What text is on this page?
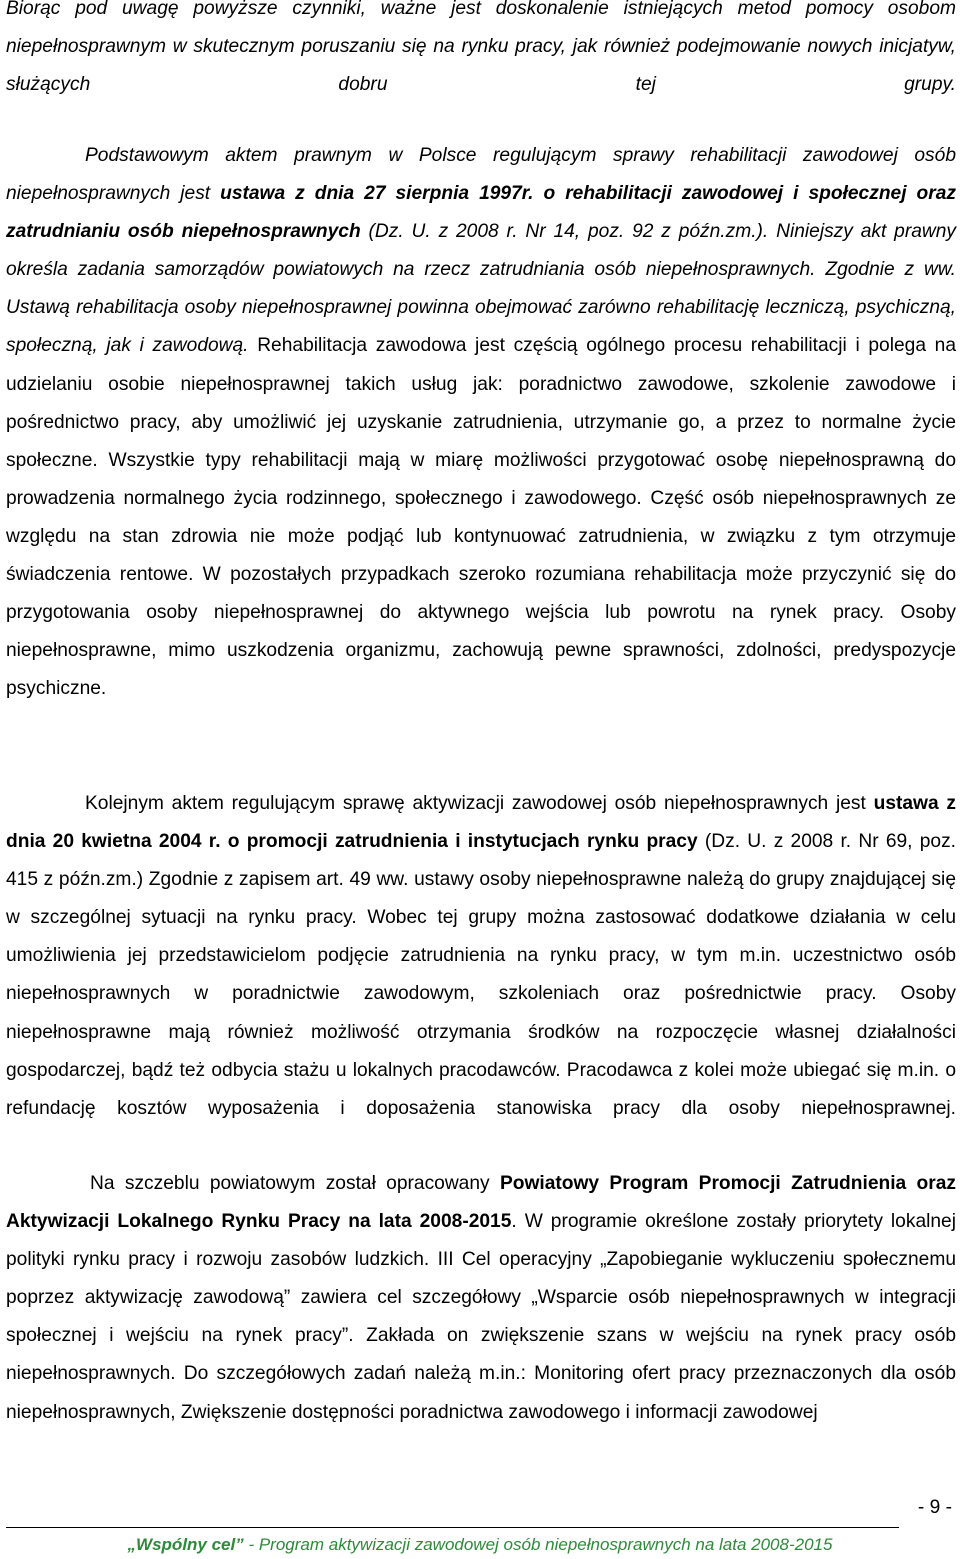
Biorąc pod uwagę powyższe czynniki, ważne jest doskonalenie istniejących metod pomocy osobom niepełnosprawnym w skutecznym poruszaniu się na rynku pracy, jak również podejmowanie nowych inicjatyw, służących dobru tej grupy.
Podstawowym aktem prawnym w Polsce regulującym sprawy rehabilitacji zawodowej osób niepełnosprawnych jest ustawa z dnia 27 sierpnia 1997r. o rehabilitacji zawodowej i społecznej oraz zatrudnianiu osób niepełnosprawnych (Dz. U. z 2008 r. Nr 14, poz. 92 z późn.zm.). Niniejszy akt prawny określa zadania samorządów powiatowych na rzecz zatrudniania osób niepełnosprawnych. Zgodnie z ww. Ustawą rehabilitacja osoby niepełnosprawnej powinna obejmować zarówno rehabilitację leczniczą, psychiczną, społeczną, jak i zawodową. Rehabilitacja zawodowa jest częścią ogólnego procesu rehabilitacji i polega na udzielaniu osobie niepełnosprawnej takich usług jak: poradnictwo zawodowe, szkolenie zawodowe i pośrednictwo pracy, aby umożliwić jej uzyskanie zatrudnienia, utrzymanie go, a przez to normalne życie społeczne. Wszystkie typy rehabilitacji mają w miarę możliwości przygotować osobę niepełnosprawną do prowadzenia normalnego życia rodzinnego, społecznego i zawodowego. Część osób niepełnosprawnych ze względu na stan zdrowia nie może podjąć lub kontynuować zatrudnienia, w związku z tym otrzymuje świadczenia rentowe. W pozostałych przypadkach szeroko rozumiana rehabilitacja może przyczynić się do przygotowania osoby niepełnosprawnej do aktywnego wejścia lub powrotu na rynek pracy. Osoby niepełnosprawne, mimo uszkodzenia organizmu, zachowują pewne sprawności, zdolności, predyspozycje psychiczne.
Kolejnym aktem regulującym sprawę aktywizacji zawodowej osób niepełnosprawnych jest ustawa z dnia 20 kwietna 2004 r. o promocji zatrudnienia i instytucjach rynku pracy (Dz. U. z 2008 r. Nr 69, poz. 415 z późn.zm.) Zgodnie z zapisem art. 49 ww. ustawy osoby niepełnosprawne należą do grupy znajdującej się w szczególnej sytuacji na rynku pracy. Wobec tej grupy można zastosować dodatkowe działania w celu umożliwienia jej przedstawicielom podjęcie zatrudnienia na rynku pracy, w tym m.in. uczestnictwo osób niepełnosprawnych w poradnictwie zawodowym, szkoleniach oraz pośrednictwie pracy. Osoby niepełnosprawne mają również możliwość otrzymania środków na rozpoczęcie własnej działalności gospodarczej, bądź też odbycia stażu u lokalnych pracodawców. Pracodawca z kolei może ubiegać się m.in. o refundację kosztów wyposażenia i doposażenia stanowiska pracy dla osoby niepełnosprawnej.
Na szczeblu powiatowym został opracowany Powiatowy Program Promocji Zatrudnienia oraz Aktywizacji Lokalnego Rynku Pracy na lata 2008-2015. W programie określone zostały priorytety lokalnej polityki rynku pracy i rozwoju zasobów ludzkich. III Cel operacyjny „Zapobieganie wykluczeniu społecznemu poprzez aktywizację zawodową” zawiera cel szczegółowy „Wsparcie osób niepełnosprawnych w integracji społecznej i wejściu na rynek pracy”. Zakłada on zwiększenie szans w wejściu na rynek pracy osób niepełnosprawnych. Do szczegółowych zadań należą m.in.: Monitoring ofert pracy przeznaczonych dla osób niepełnosprawnych, Zwiększenie dostępności poradnictwa zawodowego i informacji zawodowej
- 9 -
„Wspólny cel” - Program aktywizacji zawodowej osób niepełnosprawnych na lata 2008-2015
